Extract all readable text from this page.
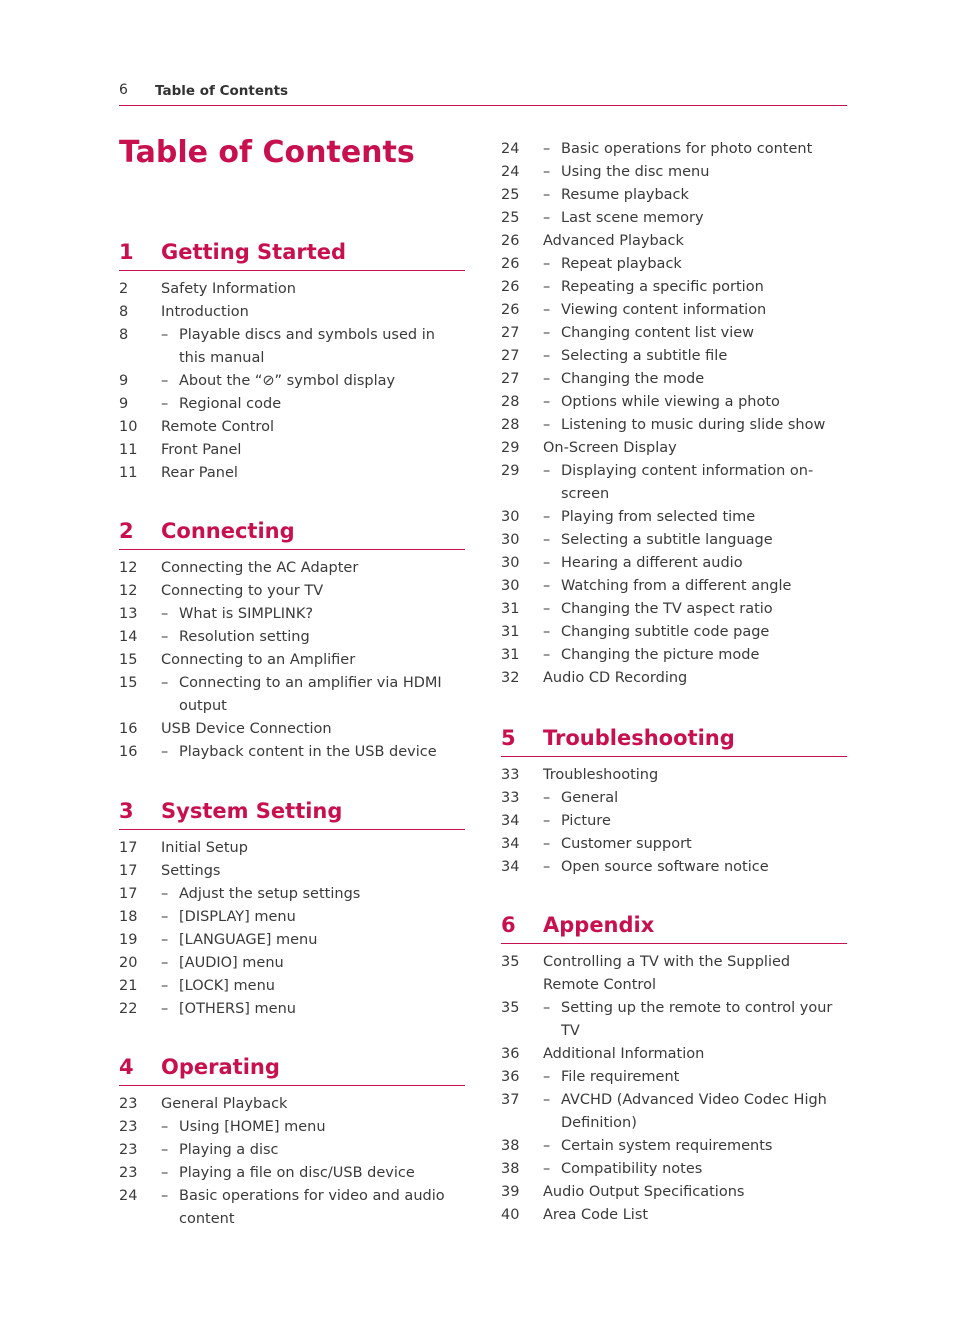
6 Table of Contents
Table of Contents
1 Getting Started
2 Safety Information
8 Introduction
8 – Playable discs and symbols used in this manual
9 – About the “⊘” symbol display
9 – Regional code
10 Remote Control
11 Front Panel
11 Rear Panel
2 Connecting
12 Connecting the AC Adapter
12 Connecting to your TV
13 – What is SIMPLINK?
14 – Resolution setting
15 Connecting to an Amplifier
15 – Connecting to an amplifier via HDMI output
16 USB Device Connection
16 – Playback content in the USB device
3 System Setting
17 Initial Setup
17 Settings
17 – Adjust the setup settings
18 – [DISPLAY] menu
19 – [LANGUAGE] menu
20 – [AUDIO] menu
21 – [LOCK] menu
22 – [OTHERS] menu
4 Operating
23 General Playback
23 – Using [HOME] menu
23 – Playing a disc
23 – Playing a file on disc/USB device
24 – Basic operations for video and audio content
24 – Basic operations for photo content
24 – Using the disc menu
25 – Resume playback
25 – Last scene memory
26 Advanced Playback
26 – Repeat playback
26 – Repeating a specific portion
26 – Viewing content information
27 – Changing content list view
27 – Selecting a subtitle file
27 – Changing the mode
28 – Options while viewing a photo
28 – Listening to music during slide show
29 On-Screen Display
29 – Displaying content information on-screen
30 – Playing from selected time
30 – Selecting a subtitle language
30 – Hearing a different audio
30 – Watching from a different angle
31 – Changing the TV aspect ratio
31 – Changing subtitle code page
31 – Changing the picture mode
32 Audio CD Recording
5 Troubleshooting
33 Troubleshooting
33 – General
34 – Picture
34 – Customer support
34 – Open source software notice
6 Appendix
35 Controlling a TV with the Supplied Remote Control
35 – Setting up the remote to control your TV
36 Additional Information
36 – File requirement
37 – AVCHD (Advanced Video Codec High Definition)
38 – Certain system requirements
38 – Compatibility notes
39 Audio Output Specifications
40 Area Code List
